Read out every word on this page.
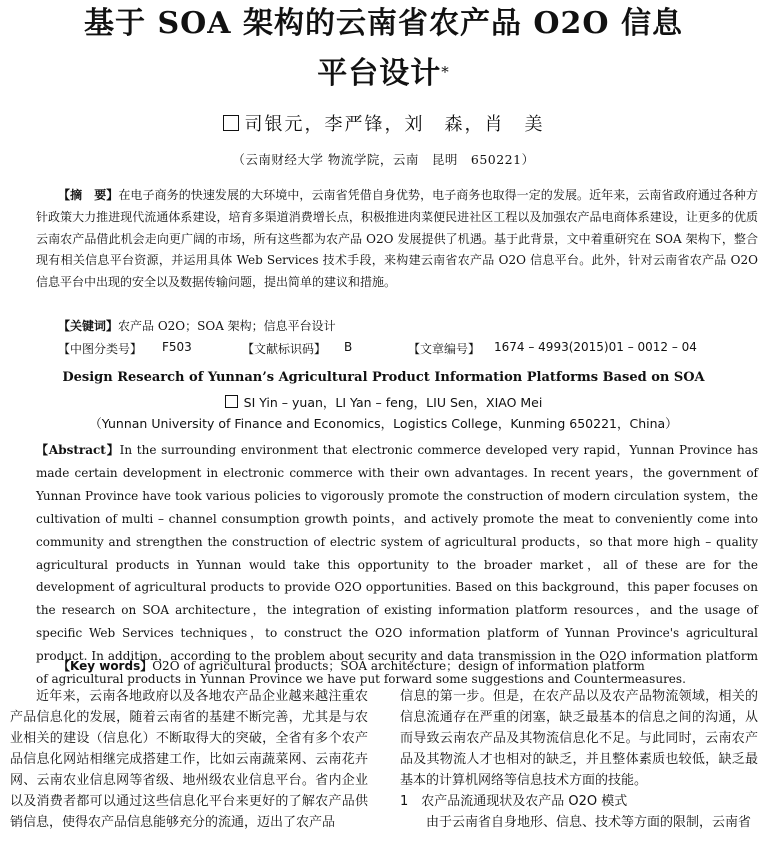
基于 SOA 架构的云南省农产品 O2O 信息
平台设计*
司银元，李严锋，刘　森，肖　美
（云南财经大学 物流学院，云南　昆明　650221）
【摘　要】在电子商务的快速发展的大环境中，云南省凭借自身优势，电子商务也取得一定的发展。近年来，云南省政府通过各种方针政策大力推进现代流通体系建设，培育多渠道消费增长点，积极推进肉菜便民进社区工程以及加强农产品电商体系建设，让更多的优质云南农产品借此机会走向更广阔的市场，所有这些都为农产品 O2O 发展提供了机遇。基于此背景，文中着重研究在 SOA 架构下，整合现有相关信息平台资源，并运用具体 Web Services 技术手段，来构建云南省农产品 O2O 信息平台。此外，针对云南省农产品 O2O 信息平台中出现的安全以及数据传输问题，提出简单的建议和措施。
【关键词】农产品 O2O；SOA 架构；信息平台设计
【中图分类号】 F503	【文献标识码】 B	【文章编号】 1674 – 4993(2015)01 – 0012 – 04
Design Research of Yunnan’s Agricultural Product Information Platforms Based on SOA
SI Yin – yuan，LI Yan – feng，LIU Sen，XIAO Mei
（Yunnan University of Finance and Economics，Logistics College，Kunming 650221，China）
【Abstract】In the surrounding environment that electronic commerce developed very rapid，Yunnan Province has made certain development in electronic commerce with their own advantages. In recent years，the government of Yunnan Province have took various policies to vigorously promote the construction of modern circulation system，the cultivation of multi – channel consumption growth points，and actively promote the meat to conveniently come into community and strengthen the construction of electric system of agricultural products，so that more high – quality agricultural products in Yunnan would take this opportunity to the broader market，all of these are for the development of agricultural products to provide O2O opportunities. Based on this background，this paper focuses on the research on SOA architecture，the integration of existing information platform resources，and the usage of specific Web Services techniques，to construct the O2O information platform of Yunnan Province's agricultural product. In addition，according to the problem about security and data transmission in the O2O information platform of agricultural products in Yunnan Province we have put forward some suggestions and Countermeasures.
【Key words】O2O of agricultural products；SOA architecture；design of information platform
近年来，云南各地政府以及各地农产品企业越来越注重农产品信息化的发展，随着云南省的基建不断完善，尤其是与农业相关的建设（信息化）不断取得大的突破，全省有多个农产品信息化网站相继完成搭建工作，比如云南蔬菜网、云南花卉网、云南农业信息网等省级、地州级农业信息平台。省内企业以及消费者都可以通过这些信息化平台来更好的了解农产品供销信息，使得农产品信息能够充分的流通，迈出了农产品
信息的第一步。但是，在农产品以及农产品物流领域，相关的信息流通存在严重的闭塞，缺乏最基本的信息之间的沟通，从而导致云南农产品及其物流信息化不足。与此同时，云南农产品及其物流人才也相对的缺乏，并且整体素质也较低，缺乏最基本的计算机网络等信息技术方面的技能。
1　农产品流通现状及农产品 O2O 模式
由于云南省自身地形、信息、技术等方面的限制，云南省
